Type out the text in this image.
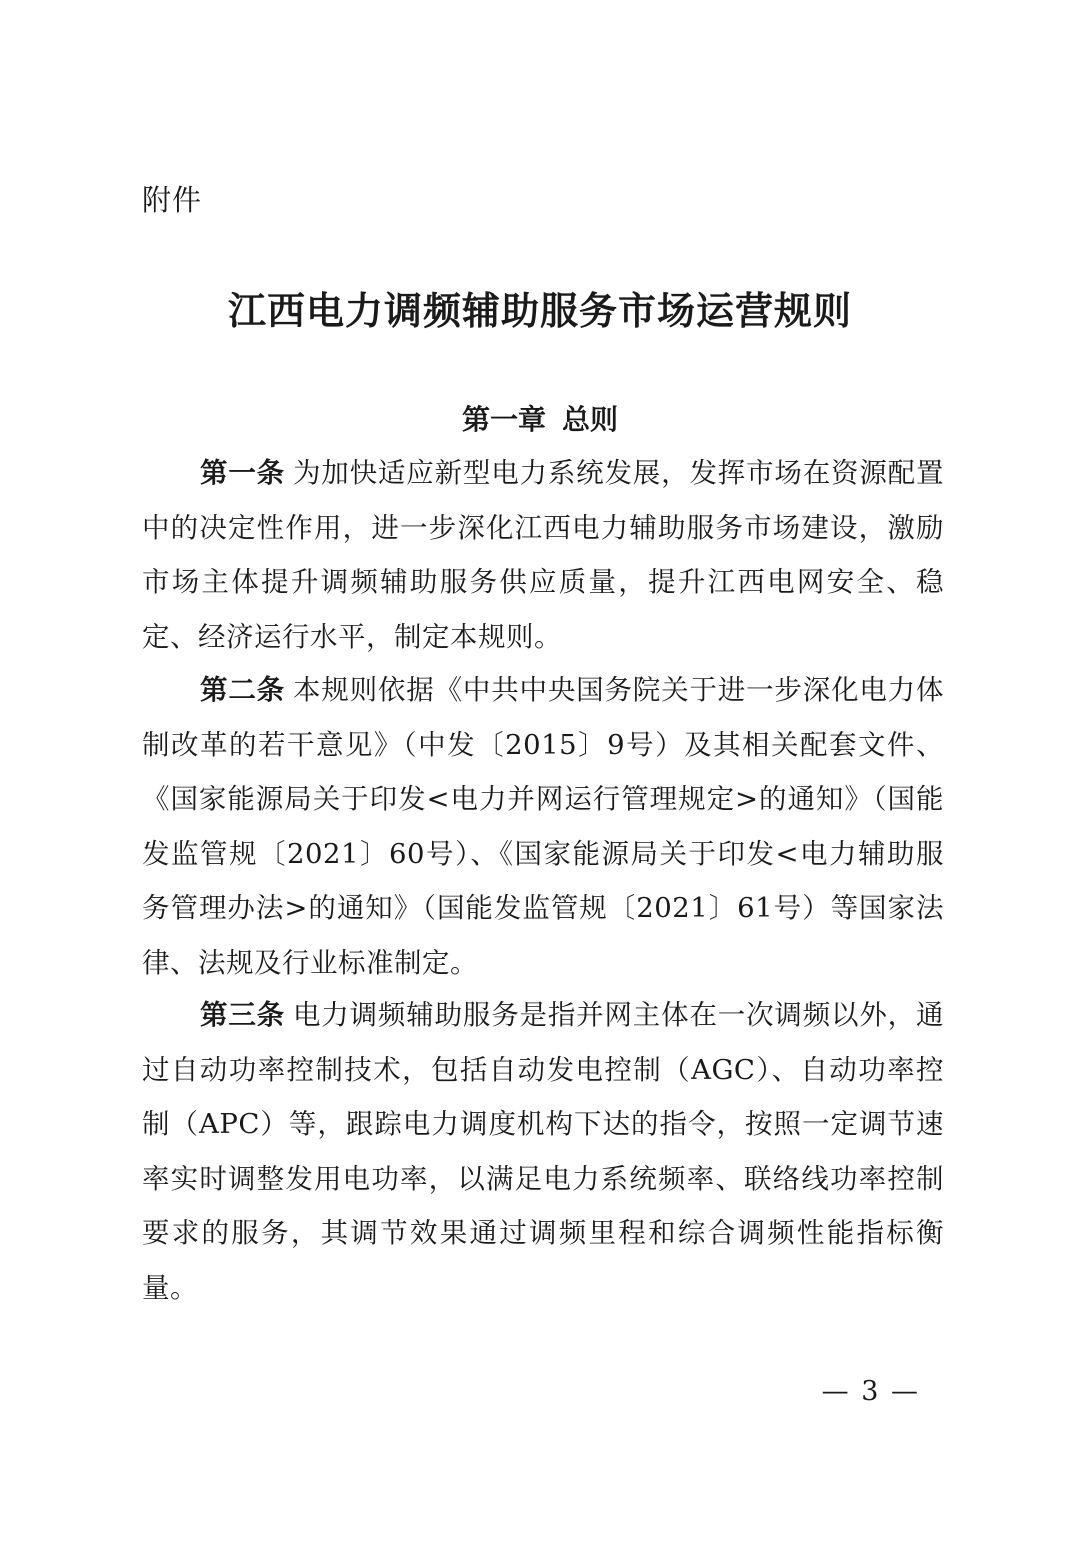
附件
江西电力调频辅助服务市场运营规则
第一章 总则

第一条 为加快适应新型电力系统发展，发挥市场在资源配置中的决定性作用，进一步深化江西电力辅助服务市场建设，激励市场主体提升调频辅助服务供应质量，提升江西电网安全、稳定、经济运行水平，制定本规则。

第二条 本规则依据《中共中央国务院关于进一步深化电力体制改革的若干意见》（中发〔2015〕9号）及其相关配套文件、《国家能源局关于印发<电力并网运行管理规定>的通知》（国能发监管规〔2021〕60号）、《国家能源局关于印发<电力辅助服务管理办法>的通知》（国能发监管规〔2021〕61号）等国家法律、法规及行业标准制定。

第三条 电力调频辅助服务是指并网主体在一次调频以外，通过自动功率控制技术，包括自动发电控制（AGC）、自动功率控制（APC）等，跟踪电力调度机构下达的指令，按照一定调节速率实时调整发用电功率，以满足电力系统频率、联络线功率控制要求的服务，其调节效果通过调频里程和综合调频性能指标衡量。

— 3 —
